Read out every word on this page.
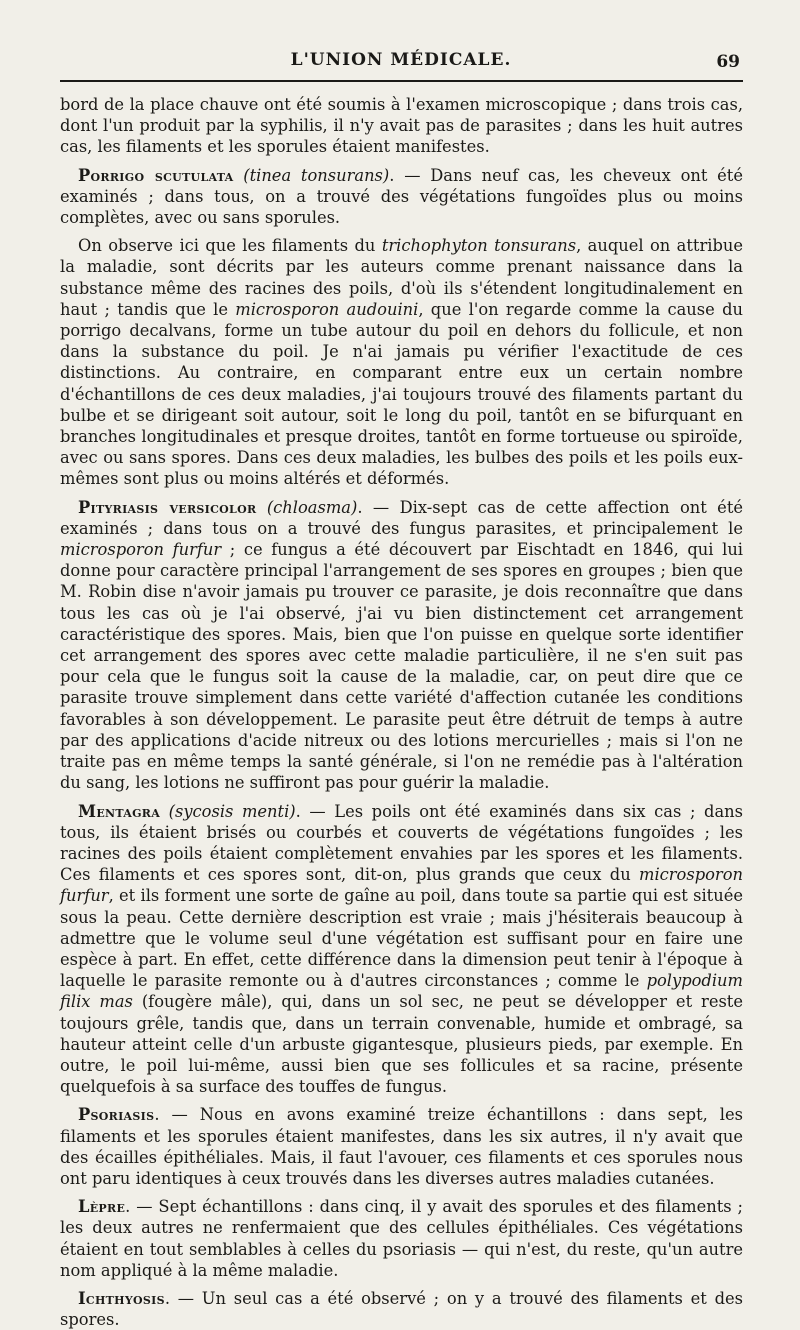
L'UNION MÉDICALE.	69

bord de la place chauve ont été soumis à l'examen microscopique ; dans trois cas, dont l'un produit par la syphilis, il n'y avait pas de parasites ; dans les huit autres cas, les filaments et les sporules étaient manifestes.

Porrigo scutulata (tinea tonsurans). — Dans neuf cas, les cheveux ont été examinés ; dans tous, on a trouvé des végétations fungoïdes plus ou moins complètes, avec ou sans sporules.

On observe ici que les filaments du trichophyton tonsurans, auquel on attribue la maladie, sont décrits par les auteurs comme prenant naissance dans la substance même des racines des poils, d'où ils s'étendent longitudinalement en haut ; tandis que le microsporon audouini, que l'on regarde comme la cause du porrigo decalvans, forme un tube autour du poil en dehors du follicule, et non dans la substance du poil. Je n'ai jamais pu vérifier l'exactitude de ces distinctions. Au contraire, en comparant entre eux un certain nombre d'échantillons de ces deux maladies, j'ai toujours trouvé des filaments partant du bulbe et se dirigeant soit autour, soit le long du poil, tantôt en se bifurquant en branches longitudinales et presque droites, tantôt en forme tortueuse ou spiroïde, avec ou sans spores. Dans ces deux maladies, les bulbes des poils et les poils eux-mêmes sont plus ou moins altérés et déformés.

Pityriasis versicolor (chloasma). — Dix-sept cas de cette affection ont été examinés ; dans tous on a trouvé des fungus parasites, et principalement le microsporon furfur ; ce fungus a été découvert par Eischtadt en 1846, qui lui donne pour caractère principal l'arrangement de ses spores en groupes ; bien que M. Robin dise n'avoir jamais pu trouver ce parasite, je dois reconnaître que dans tous les cas où je l'ai observé, j'ai vu bien distinctement cet arrangement caractéristique des spores. Mais, bien que l'on puisse en quelque sorte identifier cet arrangement des spores avec cette maladie particulière, il ne s'en suit pas pour cela que le fungus soit la cause de la maladie, car, on peut dire que ce parasite trouve simplement dans cette variété d'affection cutanée les conditions favorables à son développement. Le parasite peut être détruit de temps à autre par des applications d'acide nitreux ou des lotions mercurielles ; mais si l'on ne traite pas en même temps la santé générale, si l'on ne remédie pas à l'altération du sang, les lotions ne suffiront pas pour guérir la maladie.

Mentagra (sycosis menti). — Les poils ont été examinés dans six cas ; dans tous, ils étaient brisés ou courbés et couverts de végétations fungoïdes ; les racines des poils étaient complètement envahies par les spores et les filaments. Ces filaments et ces spores sont, dit-on, plus grands que ceux du microsporon furfur, et ils forment une sorte de gaîne au poil, dans toute sa partie qui est située sous la peau. Cette dernière description est vraie ; mais j'hésiterais beaucoup à admettre que le volume seul d'une végétation est suffisant pour en faire une espèce à part. En effet, cette différence dans la dimension peut tenir à l'époque à laquelle le parasite remonte ou à d'autres circonstances ; comme le polypodium filix mas (fougère mâle), qui, dans un sol sec, ne peut se développer et reste toujours grêle, tandis que, dans un terrain convenable, humide et ombragé, sa hauteur atteint celle d'un arbuste gigantesque, plusieurs pieds, par exemple. En outre, le poil lui-même, aussi bien que ses follicules et sa racine, présente quelquefois à sa surface des touffes de fungus.

Psoriasis. — Nous en avons examiné treize échantillons : dans sept, les filaments et les sporules étaient manifestes, dans les six autres, il n'y avait que des écailles épithéliales. Mais, il faut l'avouer, ces filaments et ces sporules nous ont paru identiques à ceux trouvés dans les diverses autres maladies cutanées.

Lèpre. — Sept échantillons : dans cinq, il y avait des sporules et des filaments ; les deux autres ne renfermaient que des cellules épithéliales. Ces végétations étaient en tout semblables à celles du psoriasis — qui n'est, du reste, qu'un autre nom appliqué à la même maladie.

Ichthyosis. — Un seul cas a été observé ; on y a trouvé des filaments et des spores.
